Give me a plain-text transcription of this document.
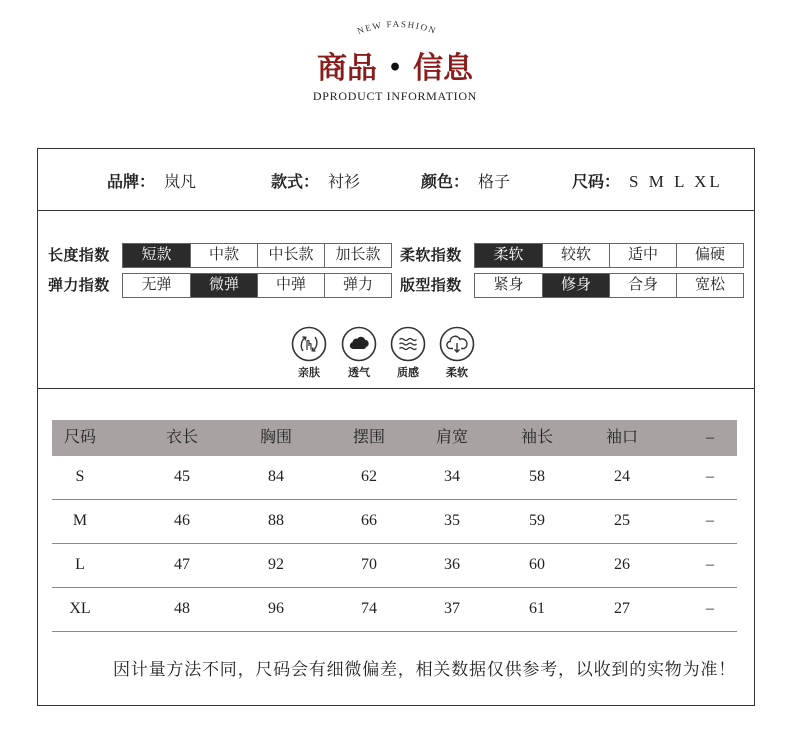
NEW FASHION
商品 • 信息
DPRODUCT INFORMATION
品牌： 岚凡	款式： 衬衫	颜色： 格子	尺码： S M L XL
长度指数	短款	中款	中长款	加长款	柔软指数	柔软	较软	适中	偏硬
弹力指数	无弹	微弹	中弹	弹力	版型指数	紧身	修身	合身	宽松
亲肤	透气	质感	柔软
尺码	衣长	胸围	摆围	肩宽	袖长	袖口	–
S	45	84	62	34	58	24	–
M	46	88	66	35	59	25	–
L	47	92	70	36	60	26	–
XL	48	96	74	37	61	27	–
因计量方法不同，尺码会有细微偏差，相关数据仅供参考，以收到的实物为准！
